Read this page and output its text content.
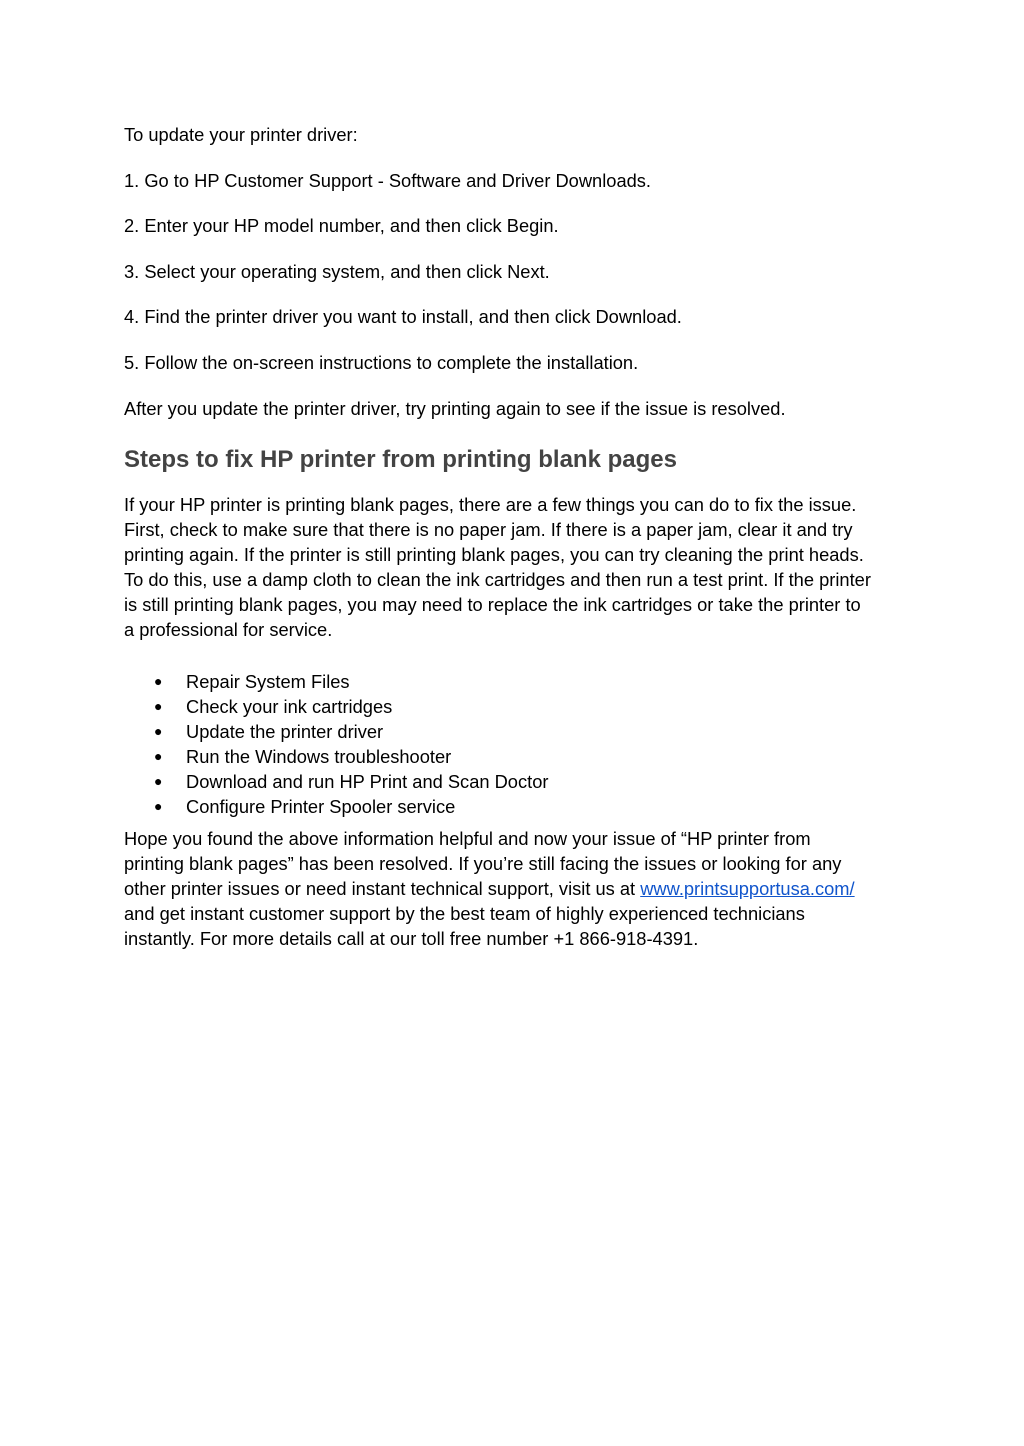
To update your printer driver:

1. Go to HP Customer Support - Software and Driver Downloads.

2. Enter your HP model number, and then click Begin.

3. Select your operating system, and then click Next.

4. Find the printer driver you want to install, and then click Download.

5. Follow the on-screen instructions to complete the installation.

After you update the printer driver, try printing again to see if the issue is resolved.

Steps to fix HP printer from printing blank pages
If your HP printer is printing blank pages, there are a few things you can do to fix the issue.
First, check to make sure that there is no paper jam. If there is a paper jam, clear it and try
printing again. If the printer is still printing blank pages, you can try cleaning the print heads.
To do this, use a damp cloth to clean the ink cartridges and then run a test print. If the printer
is still printing blank pages, you may need to replace the ink cartridges or take the printer to
a professional for service.
● Repair System Files
● Check your ink cartridges
● Update the printer driver
● Run the Windows troubleshooter
● Download and run HP Print and Scan Doctor
● Configure Printer Spooler service
Hope you found the above information helpful and now your issue of “HP printer from
printing blank pages” has been resolved. If you’re still facing the issues or looking for any
other printer issues or need instant technical support, visit us at www.printsupportusa.com/
and get instant customer support by the best team of highly experienced technicians
instantly. For more details call at our toll free number +1 866-918-4391.
